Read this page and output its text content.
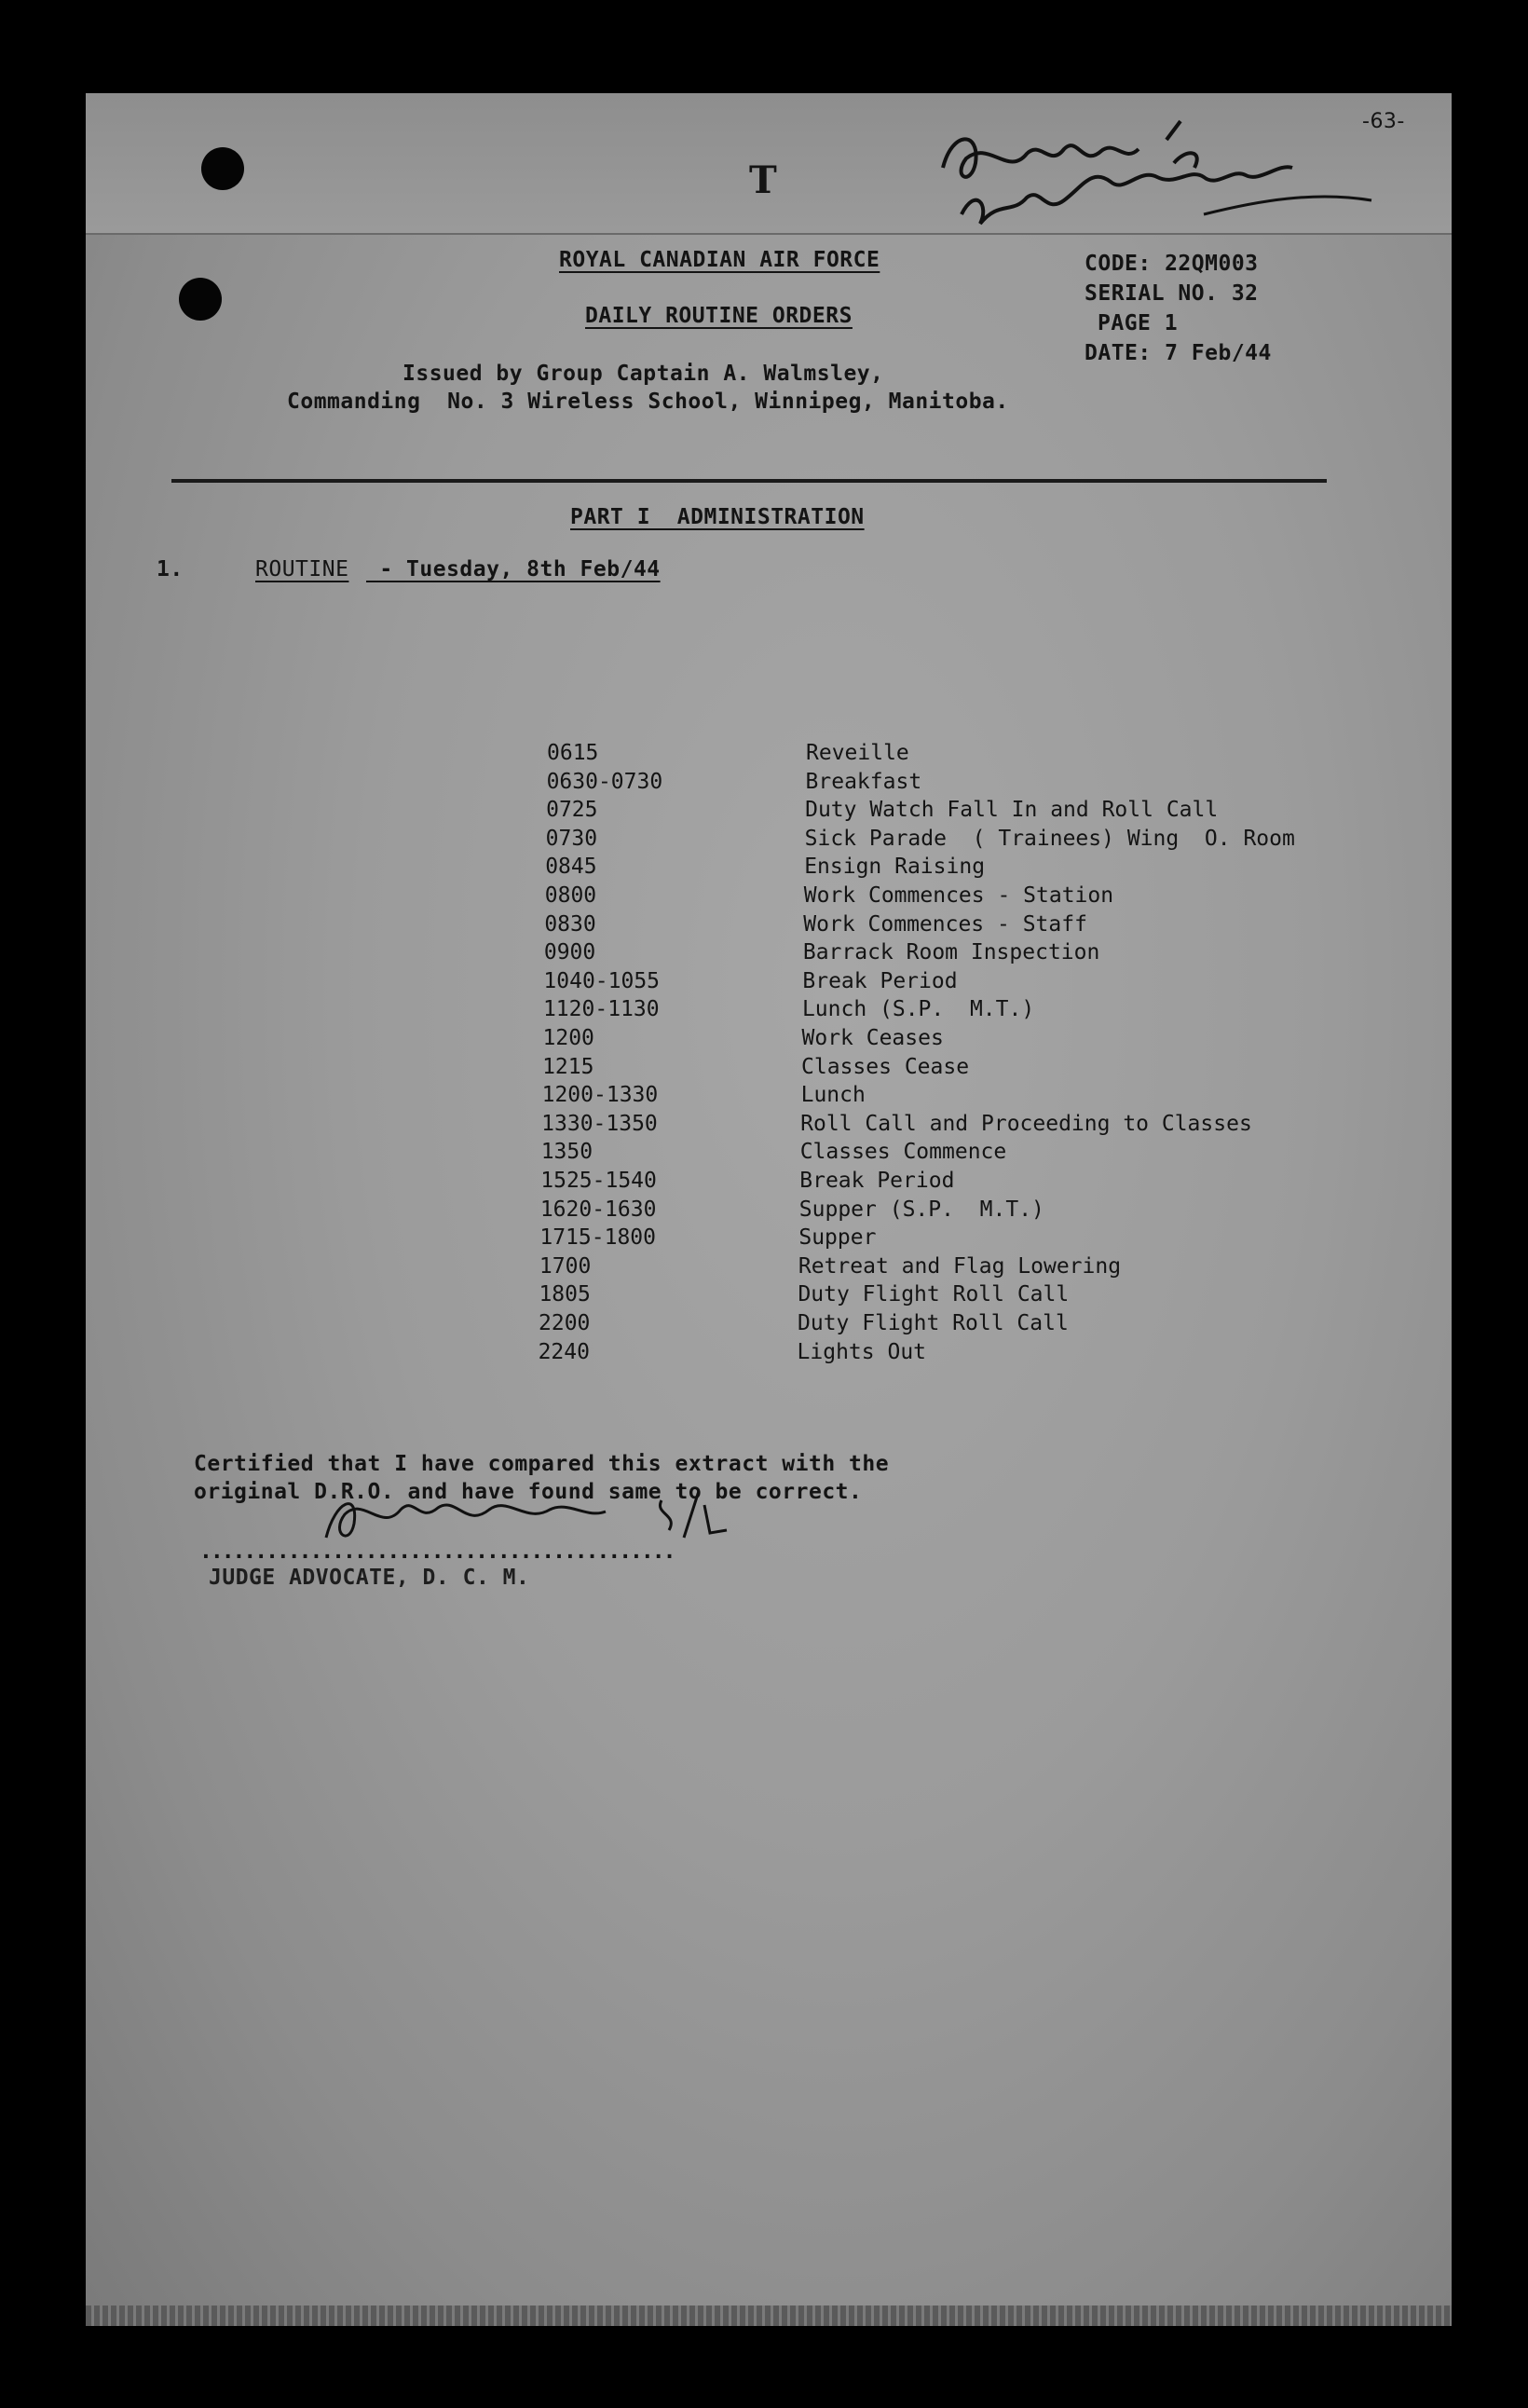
T
-63-
ROYAL CANADIAN AIR FORCE
DAILY ROUTINE ORDERS
Issued by Group Captain A. Walmsley,
Commanding  No. 3 Wireless School, Winnipeg, Manitoba.
CODE: 22QM003
SERIAL NO. 32
PAGE 1
DATE: 7 Feb/44
PART I  ADMINISTRATION
1.	ROUTINE - Tuesday, 8th Feb/44
0615	Reveille
0630-0730	Breakfast
0725	Duty Watch Fall In and Roll Call
0730	Sick Parade  ( Trainees) Wing  O. Room
0845	Ensign Raising
0800	Work Commences - Station
0830	Work Commences - Staff
0900	Barrack Room Inspection
1040-1055	Break Period
1120-1130	Lunch (S.P.  M.T.)
1200	Work Ceases
1215	Classes Cease
1200-1330	Lunch
1330-1350	Roll Call and Proceeding to Classes
1350	Classes Commence
1525-1540	Break Period
1620-1630	Supper (S.P.  M.T.)
1715-1800	Supper
1700	Retreat and Flag Lowering
1805	Duty Flight Roll Call
2200	Duty Flight Roll Call
2240	Lights Out
Certified that I have compared this extract with the
original D.R.O. and have found same to be correct.
...........................................
JUDGE ADVOCATE, D. C. M.
